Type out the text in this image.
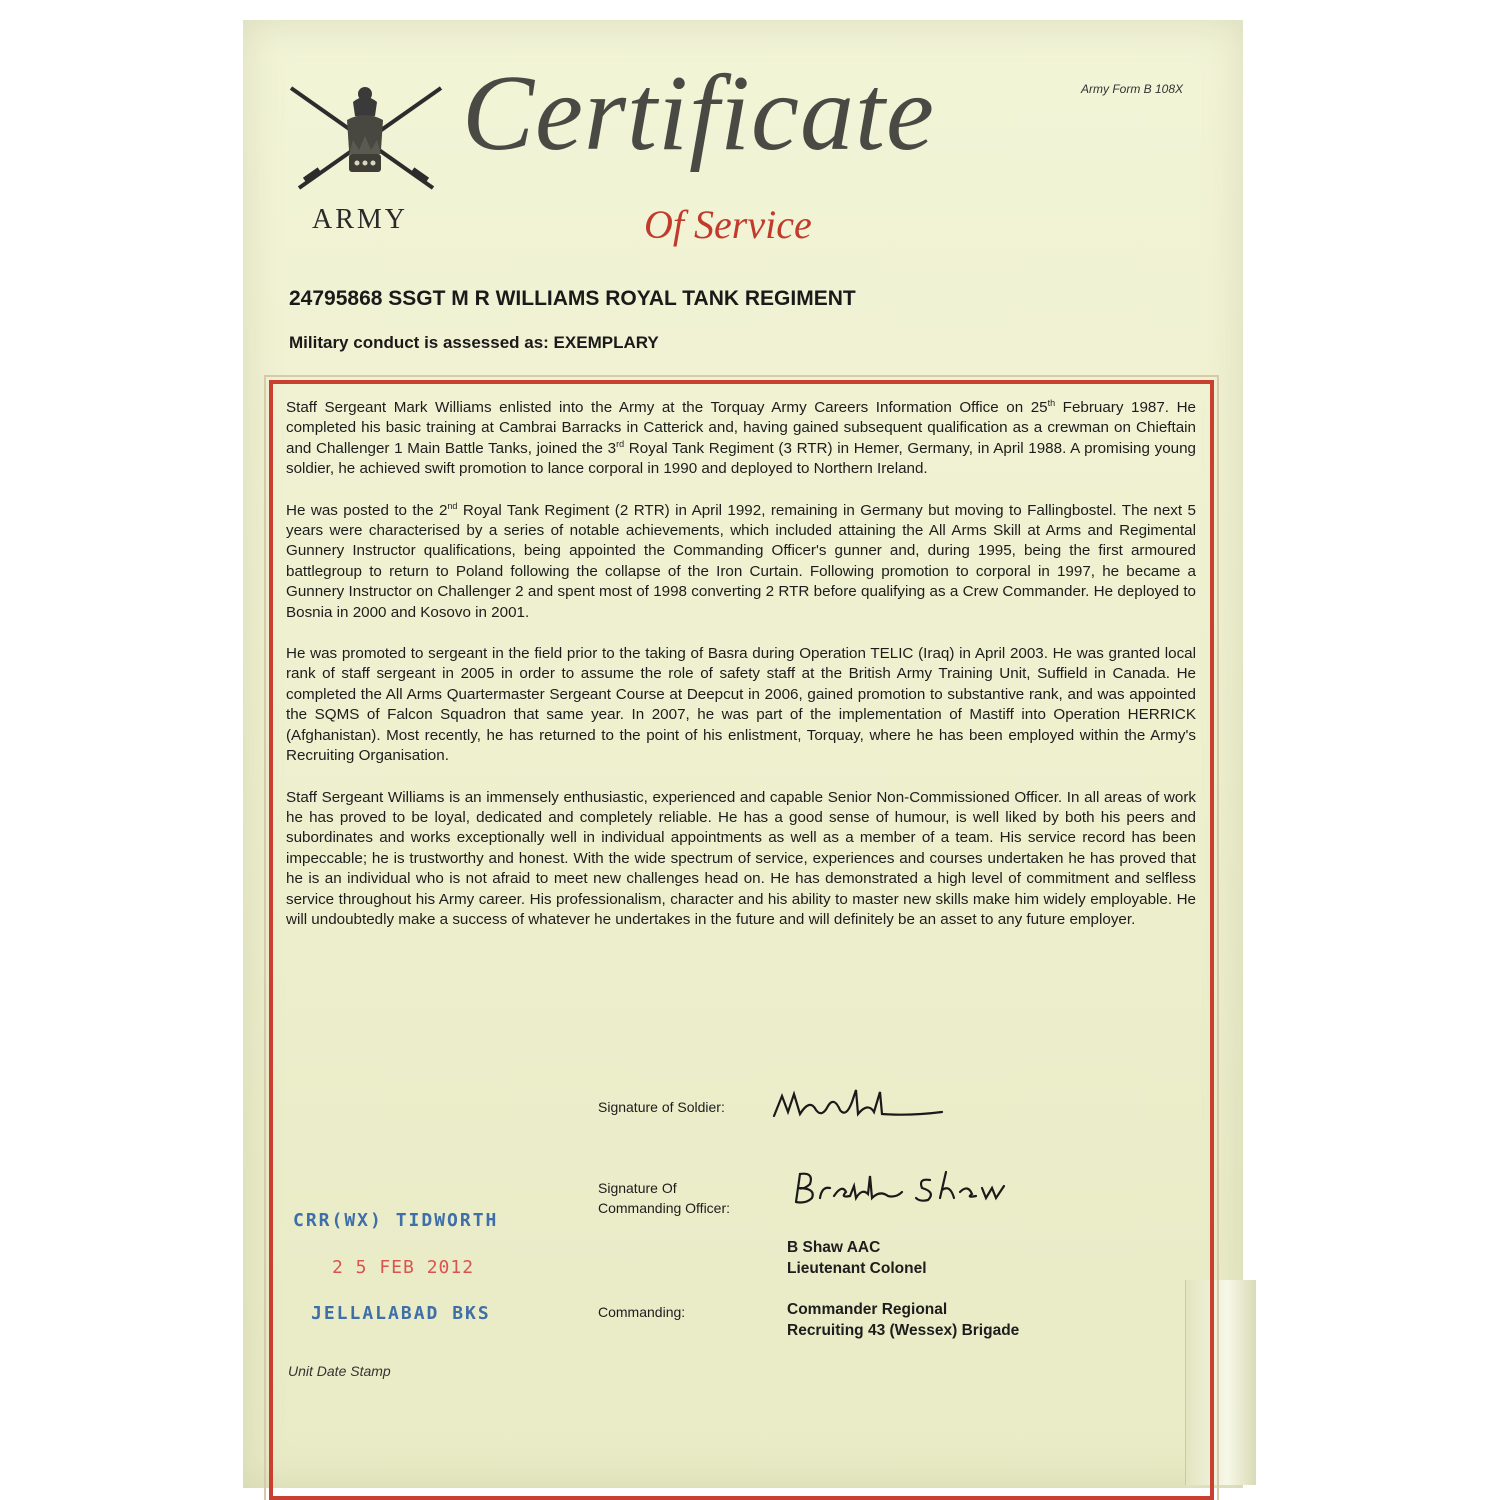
ARMY
Certificate
Of Service
Army Form B 108X
24795868 SSGT M R WILLIAMS ROYAL TANK REGIMENT
Military conduct is assessed as: EXEMPLARY

Staff Sergeant Mark Williams enlisted into the Army at the Torquay Army Careers Information Office on 25th February 1987. He completed his basic training at Cambrai Barracks in Catterick and, having gained subsequent qualification as a crewman on Chieftain and Challenger 1 Main Battle Tanks, joined the 3rd Royal Tank Regiment (3 RTR) in Hemer, Germany, in April 1988. A promising young soldier, he achieved swift promotion to lance corporal in 1990 and deployed to Northern Ireland.

He was posted to the 2nd Royal Tank Regiment (2 RTR) in April 1992, remaining in Germany but moving to Fallingbostel. The next 5 years were characterised by a series of notable achievements, which included attaining the All Arms Skill at Arms and Regimental Gunnery Instructor qualifications, being appointed the Commanding Officer's gunner and, during 1995, being the first armoured battlegroup to return to Poland following the collapse of the Iron Curtain. Following promotion to corporal in 1997, he became a Gunnery Instructor on Challenger 2 and spent most of 1998 converting 2 RTR before qualifying as a Crew Commander. He deployed to Bosnia in 2000 and Kosovo in 2001.

He was promoted to sergeant in the field prior to the taking of Basra during Operation TELIC (Iraq) in April 2003. He was granted local rank of staff sergeant in 2005 in order to assume the role of safety staff at the British Army Training Unit, Suffield in Canada. He completed the All Arms Quartermaster Sergeant Course at Deepcut in 2006, gained promotion to substantive rank, and was appointed the SQMS of Falcon Squadron that same year. In 2007, he was part of the implementation of Mastiff into Operation HERRICK (Afghanistan). Most recently, he has returned to the point of his enlistment, Torquay, where he has been employed within the Army's Recruiting Organisation.

Staff Sergeant Williams is an immensely enthusiastic, experienced and capable Senior Non-Commissioned Officer. In all areas of work he has proved to be loyal, dedicated and completely reliable. He has a good sense of humour, is well liked by both his peers and subordinates and works exceptionally well in individual appointments as well as a member of a team. His service record has been impeccable; he is trustworthy and honest. With the wide spectrum of service, experiences and courses undertaken he has proved that he is an individual who is not afraid to meet new challenges head on. He has demonstrated a high level of commitment and selfless service throughout his Army career. His professionalism, character and his ability to master new skills make him widely employable. He will undoubtedly make a success of whatever he undertakes in the future and will definitely be an asset to any future employer.

Signature of Soldier:
Signature Of
Commanding Officer:
B Shaw AAC
Lieutenant Colonel
Commanding:	Commander Regional
Recruiting 43 (Wessex) Brigade
CRR(WX) TIDWORTH
2 5 FEB 2012
JELLALABAD BKS
Unit Date Stamp
